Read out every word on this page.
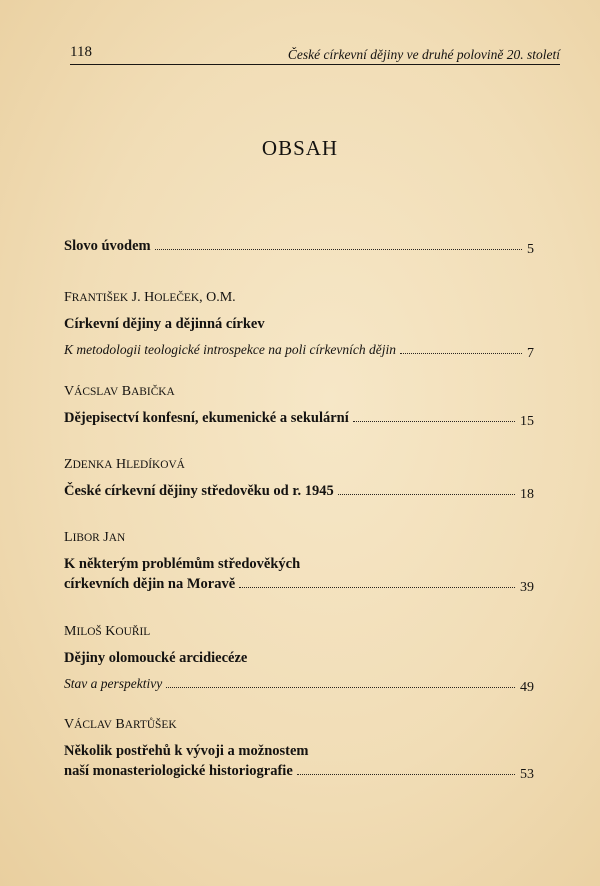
118	České církevní dějiny ve druhé polovině 20. století
OBSAH
Slovo úvodem	5
FRANTIŠEK J. HOLEČEK, O.M.
Církevní dějiny a dějinná církev
K metodologii teologické introspekce na poli církevních dějin	7
VÁCSLAV BABIČKA
Dějepisectví konfesní, ekumenické a sekulární	15
ZDENKA HLEDÍKOVÁ
České církevní dějiny středověku od r. 1945	18
LIBOR JAN
K některým problémům středověkých
církevních dějin na Moravě	39
MILOŠ KOUŘIL
Dějiny olomoucké arcidiecéze
Stav a perspektivy	49
VÁCLAV BARTŮŠEK
Několik postřehů k vývoji a možnostem
naší monasteriologické historiografie	53
